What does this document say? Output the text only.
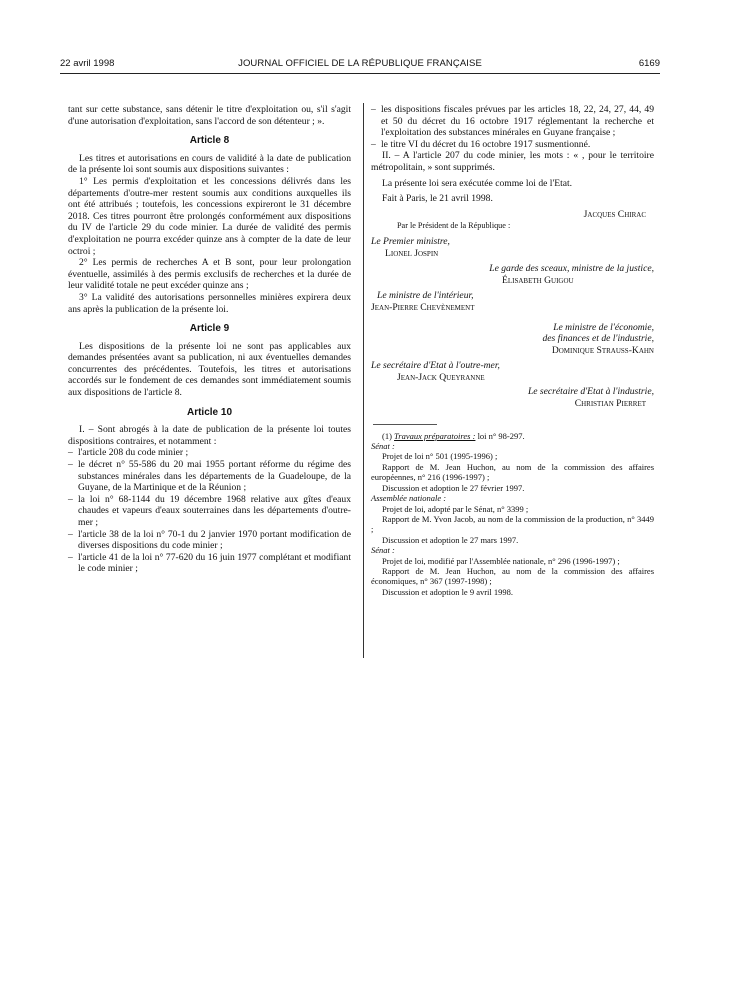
22 avril 1998	JOURNAL OFFICIEL DE LA RÉPUBLIQUE FRANÇAISE	6169

tant sur cette substance, sans détenir le titre d'exploitation ou, s'il s'agit d'une autorisation d'exploitation, sans l'accord de son détenteur ; ».

Article 8

Les titres et autorisations en cours de validité à la date de publication de la présente loi sont soumis aux dispositions suivantes :

1° Les permis d'exploitation et les concessions délivrés dans les départements d'outre-mer restent soumis aux conditions auxquelles ils ont été attribués ; toutefois, les concessions expireront le 31 décembre 2018. Ces titres pourront être prolongés conformément aux dispositions du IV de l'article 29 du code minier. La durée de validité des permis d'exploitation ne pourra excéder quinze ans à compter de la date de leur octroi ;

2° Les permis de recherches A et B sont, pour leur prolongation éventuelle, assimilés à des permis exclusifs de recherches et la durée de leur validité totale ne peut excéder quinze ans ;

3° La validité des autorisations personnelles minières expirera deux ans après la publication de la présente loi.

Article 9

Les dispositions de la présente loi ne sont pas applicables aux demandes présentées avant sa publication, ni aux éventuelles demandes concurrentes des précédentes. Toutefois, les titres et autorisations accordés sur le fondement de ces demandes sont immédiatement soumis aux dispositions de l'article 8.

Article 10

I. – Sont abrogés à la date de publication de la présente loi toutes dispositions contraires, et notamment :

– l'article 208 du code minier ;

– le décret n° 55-586 du 20 mai 1955 portant réforme du régime des substances minérales dans les départements de la Guadeloupe, de la Guyane, de la Martinique et de la Réunion ;

– la loi n° 68-1144 du 19 décembre 1968 relative aux gîtes d'eaux chaudes et vapeurs d'eaux souterraines dans les départements d'outre-mer ;

– l'article 38 de la loi n° 70-1 du 2 janvier 1970 portant modification de diverses dispositions du code minier ;

– l'article 41 de la loi n° 77-620 du 16 juin 1977 complétant et modifiant le code minier ;

– les dispositions fiscales prévues par les articles 18, 22, 24, 27, 44, 49 et 50 du décret du 16 octobre 1917 réglementant la recherche et l'exploitation des substances minérales en Guyane française ;

– le titre VI du décret du 16 octobre 1917 susmentionné.

II. – A l'article 207 du code minier, les mots : « , pour le territoire métropolitain, » sont supprimés.

La présente loi sera exécutée comme loi de l'Etat.

Fait à Paris, le 21 avril 1998.

Jacques Chirac

Par le Président de la République :

Le Premier ministre,

Lionel Jospin

Le garde des sceaux, ministre de la justice,

Élisabeth Guigou

Le ministre de l'intérieur,

Jean-Pierre Chevènement

Le ministre de l'économie,

des finances et de l'industrie,

Dominique Strauss-Kahn

Le secrétaire d'Etat à l'outre-mer,

Jean-Jack Queyranne

Le secrétaire d'Etat à l'industrie,

Christian Pierret

(1) Travaux préparatoires : loi n° 98-297.

Sénat :

Projet de loi n° 501 (1995-1996) ;

Rapport de M. Jean Huchon, au nom de la commission des affaires européennes, n° 216 (1996-1997) ;

Discussion et adoption le 27 février 1997.

Assemblée nationale :

Projet de loi, adopté par le Sénat, n° 3399 ;

Rapport de M. Yvon Jacob, au nom de la commission de la production, n° 3449 ;

Discussion et adoption le 27 mars 1997.

Sénat :

Projet de loi, modifié par l'Assemblée nationale, n° 296 (1996-1997) ;

Rapport de M. Jean Huchon, au nom de la commission des affaires économiques, n° 367 (1997-1998) ;

Discussion et adoption le 9 avril 1998.
